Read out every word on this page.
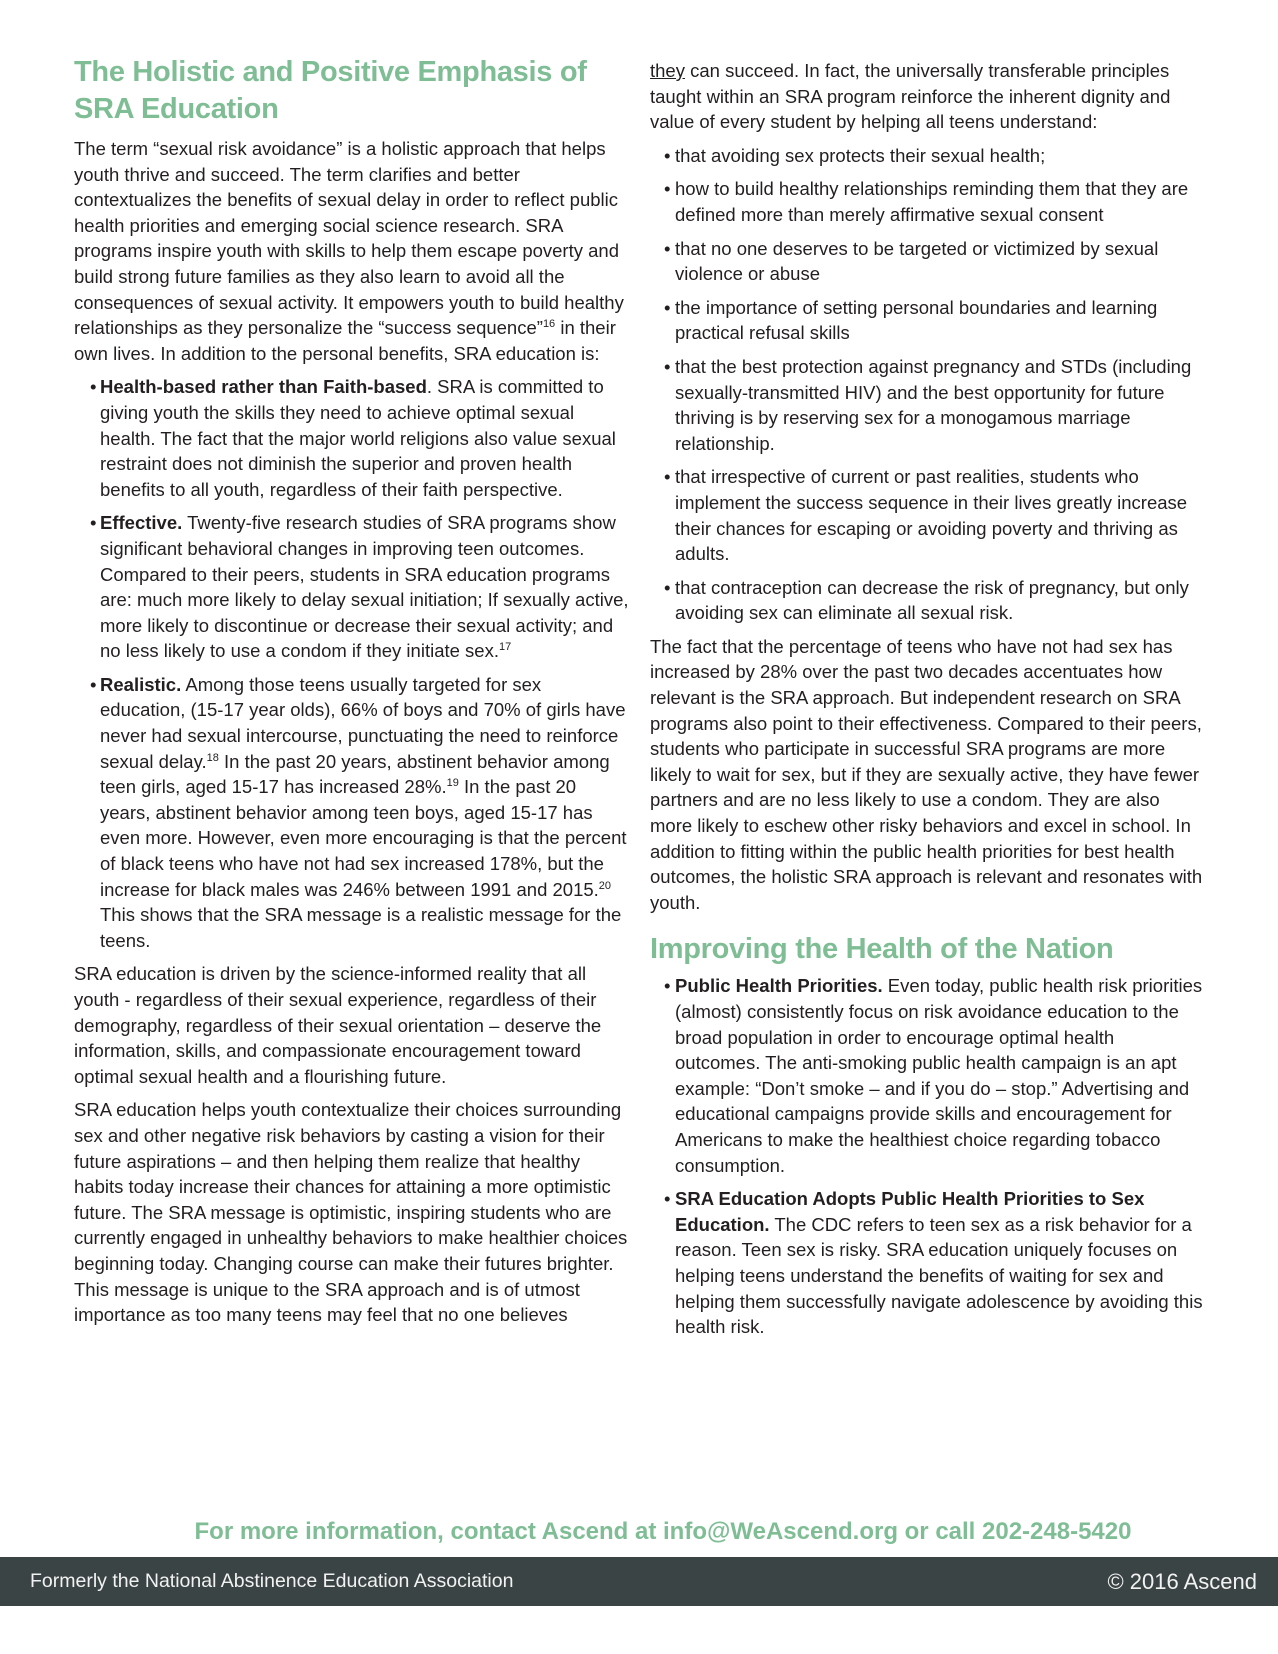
The Holistic and Positive Emphasis of SRA Education

The term “sexual risk avoidance” is a holistic approach that helps youth thrive and succeed. The term clarifies and better contextualizes the benefits of sexual delay in order to reflect public health priorities and emerging social science research. SRA programs inspire youth with skills to help them escape poverty and build strong future families as they also learn to avoid all the consequences of sexual activity. It empowers youth to build healthy relationships as they personalize the “success sequence”$^{16}$ in their own lives. In addition to the personal benefits, SRA education is:

• Health-based rather than Faith-based. SRA is committed to giving youth the skills they need to achieve optimal sexual health. The fact that the major world religions also value sexual restraint does not diminish the superior and proven health benefits to all youth, regardless of their faith perspective.
• Effective. Twenty-five research studies of SRA programs show significant behavioral changes in improving teen outcomes. Compared to their peers, students in SRA education programs are: much more likely to delay sexual initiation; If sexually active, more likely to discontinue or decrease their sexual activity; and no less likely to use a condom if they initiate sex.$^{17}$
• Realistic. Among those teens usually targeted for sex education, (15-17 year olds), 66% of boys and 70% of girls have never had sexual intercourse, punctuating the need to reinforce sexual delay.$^{18}$ In the past 20 years, abstinent behavior among teen girls, aged 15-17 has increased 28%.$^{19}$ In the past 20 years, abstinent behavior among teen boys, aged 15-17 has even more. However, even more encouraging is that the percent of black teens who have not had sex increased 178%, but the increase for black males was 246% between 1991 and 2015.20 This shows that the SRA message is a realistic message for the teens.

SRA education is driven by the science-informed reality that all youth - regardless of their sexual experience, regardless of their demography, regardless of their sexual orientation – deserve the information, skills, and compassionate encouragement toward optimal sexual health and a flourishing future.

SRA education helps youth contextualize their choices surrounding sex and other negative risk behaviors by casting a vision for their future aspirations – and then helping them realize that healthy habits today increase their chances for attaining a more optimistic future. The SRA message is optimistic, inspiring students who are currently engaged in unhealthy behaviors to make healthier choices beginning today. Changing course can make their futures brighter. This message is unique to the SRA approach and is of utmost importance as too many teens may feel that no one believes

they can succeed. In fact, the universally transferable principles taught within an SRA program reinforce the inherent dignity and value of every student by helping all teens understand:

• that avoiding sex protects their sexual health;
• how to build healthy relationships reminding them that they are defined more than merely affirmative sexual consent
• that no one deserves to be targeted or victimized by sexual violence or abuse
• the importance of setting personal boundaries and learning practical refusal skills
• that the best protection against pregnancy and STDs (including sexually-transmitted HIV) and the best opportunity for future thriving is by reserving sex for a monogamous marriage relationship.
• that irrespective of current or past realities, students who implement the success sequence in their lives greatly increase their chances for escaping or avoiding poverty and thriving as adults.
• that contraception can decrease the risk of pregnancy, but only avoiding sex can eliminate all sexual risk.

The fact that the percentage of teens who have not had sex has increased by 28% over the past two decades accentuates how relevant is the SRA approach. But independent research on SRA programs also point to their effectiveness. Compared to their peers, students who participate in successful SRA programs are more likely to wait for sex, but if they are sexually active, they have fewer partners and are no less likely to use a condom. They are also more likely to eschew other risky behaviors and excel in school. In addition to fitting within the public health priorities for best health outcomes, the holistic SRA approach is relevant and resonates with youth.

Improving the Health of the Nation
• Public Health Priorities. Even today, public health risk priorities (almost) consistently focus on risk avoidance education to the broad population in order to encourage optimal health outcomes. The anti-smoking public health campaign is an apt example: “Don’t smoke – and if you do – stop.” Advertising and educational campaigns provide skills and encouragement for Americans to make the healthiest choice regarding tobacco consumption.
• SRA Education Adopts Public Health Priorities to Sex Education. The CDC refers to teen sex as a risk behavior for a reason. Teen sex is risky. SRA education uniquely focuses on helping teens understand the benefits of waiting for sex and helping them successfully navigate adolescence by avoiding this health risk.
For more information, contact Ascend at info@WeAscend.org or call 202-248-5420
Formerly the National Abstinence Education Association	© 2016 Ascend
